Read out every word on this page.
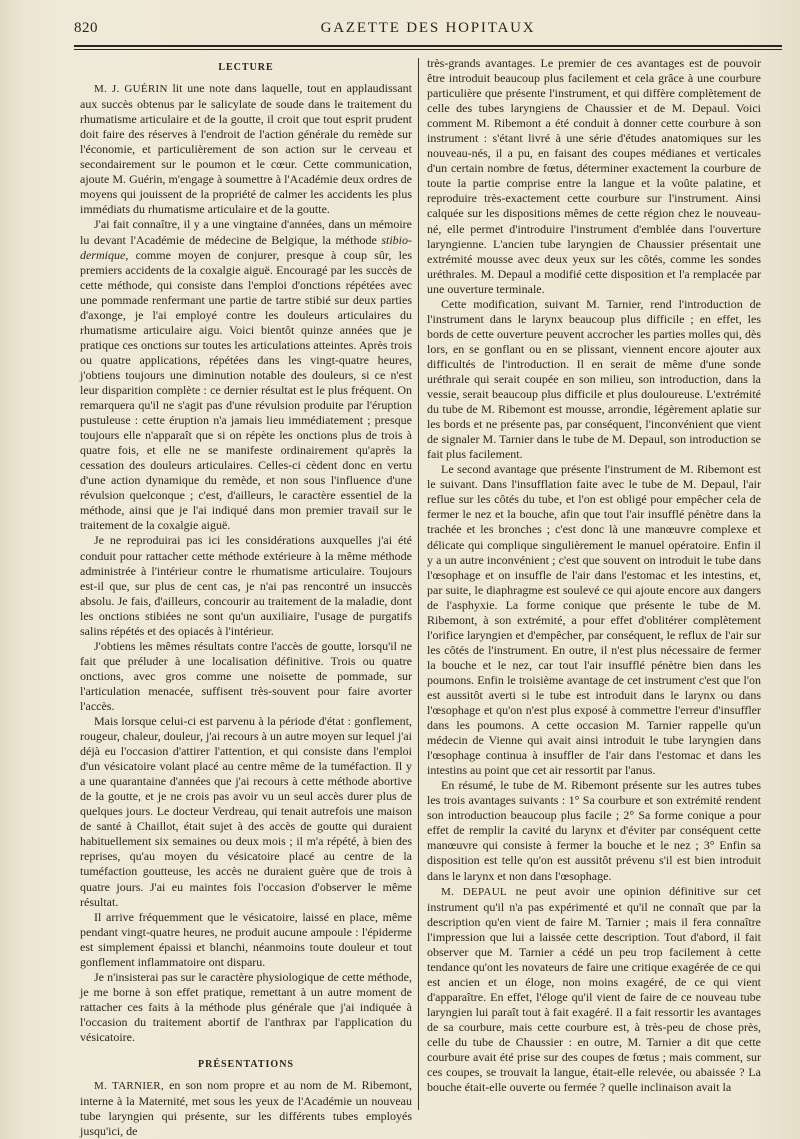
820	GAZETTE DES HOPITAUX
LECTURE

M. J. GUÉRIN lit une note dans laquelle, tout en applaudissant aux succès obtenus par le salicylate de soude dans le traitement du rhumatisme articulaire et de la goutte, il croit que tout esprit prudent doit faire des réserves à l'endroit de l'action générale du remède sur l'économie, et particulièrement de son action sur le cerveau et secondairement sur le poumon et le cœur. Cette communication, ajoute M. Guérin, m'engage à soumettre à l'Académie deux ordres de moyens qui jouissent de la propriété de calmer les accidents les plus immédiats du rhumatisme articulaire et de la goutte.

J'ai fait connaître, il y a une vingtaine d'années, dans un mémoire lu devant l'Académie de médecine de Belgique, la méthode stibio-dermique, comme moyen de conjurer, presque à coup sûr, les premiers accidents de la coxalgie aiguë. Encouragé par les succès de cette méthode, qui consiste dans l'emploi d'onctions répétées avec une pommade renfermant une partie de tartre stibié sur deux parties d'axonge, je l'ai employé contre les douleurs articulaires du rhumatisme articulaire aigu. Voici bientôt quinze années que je pratique ces onctions sur toutes les articulations atteintes. Après trois ou quatre applications, répétées dans les vingt-quatre heures, j'obtiens toujours une diminution notable des douleurs, si ce n'est leur disparition complète : ce dernier résultat est le plus fréquent. On remarquera qu'il ne s'agit pas d'une révulsion produite par l'éruption pustuleuse : cette éruption n'a jamais lieu immédiatement ; presque toujours elle n'apparaît que si on répète les onctions plus de trois à quatre fois, et elle ne se manifeste ordinairement qu'après la cessation des douleurs articulaires. Celles-ci cèdent donc en vertu d'une action dynamique du remède, et non sous l'influence d'une révulsion quelconque ; c'est, d'ailleurs, le caractère essentiel de la méthode, ainsi que je l'ai indiqué dans mon premier travail sur le traitement de la coxalgie aiguë.

Je ne reproduirai pas ici les considérations auxquelles j'ai été conduit pour rattacher cette méthode extérieure à la même méthode administrée à l'intérieur contre le rhumatisme articulaire. Toujours est-il que, sur plus de cent cas, je n'ai pas rencontré un insuccès absolu. Je fais, d'ailleurs, concourir au traitement de la maladie, dont les onctions stibiées ne sont qu'un auxiliaire, l'usage de purgatifs salins répétés et des opiacés à l'intérieur.

J'obtiens les mêmes résultats contre l'accès de goutte, lorsqu'il ne fait que préluder à une localisation définitive. Trois ou quatre onctions, avec gros comme une noisette de pommade, sur l'articulation menacée, suffisent très-souvent pour faire avorter l'accès.

Mais lorsque celui-ci est parvenu à la période d'état : gonflement, rougeur, chaleur, douleur, j'ai recours à un autre moyen sur lequel j'ai déjà eu l'occasion d'attirer l'attention, et qui consiste dans l'emploi d'un vésicatoire volant placé au centre même de la tuméfaction. Il y a une quarantaine d'années que j'ai recours à cette méthode abortive de la goutte, et je ne crois pas avoir vu un seul accès durer plus de quelques jours. Le docteur Verdreau, qui tenait autrefois une maison de santé à Chaillot, était sujet à des accès de goutte qui duraient habituellement six semaines ou deux mois ; il m'a répété, à bien des reprises, qu'au moyen du vésicatoire placé au centre de la tuméfaction goutteuse, les accès ne duraient guère que de trois à quatre jours. J'ai eu maintes fois l'occasion d'observer le même résultat.

Il arrive fréquemment que le vésicatoire, laissé en place, même pendant vingt-quatre heures, ne produit aucune ampoule : l'épiderme est simplement épaissi et blanchi, néanmoins toute douleur et tout gonflement inflammatoire ont disparu.

Je n'insisterai pas sur le caractère physiologique de cette méthode, je me borne à son effet pratique, remettant à un autre moment de rattacher ces faits à la méthode plus générale que j'ai indiquée à l'occasion du traitement abortif de l'anthrax par l'application du vésicatoire.

PRÉSENTATIONS

M. TARNIER, en son nom propre et au nom de M. Ribemont, interne à la Maternité, met sous les yeux de l'Académie un nouveau tube laryngien qui présente, sur les différents tubes employés jusqu'ici, de

très-grands avantages. Le premier de ces avantages est de pouvoir être introduit beaucoup plus facilement et cela grâce à une courbure particulière que présente l'instrument, et qui diffère complètement de celle des tubes laryngiens de Chaussier et de M. Depaul. Voici comment M. Ribemont a été conduit à donner cette courbure à son instrument : s'étant livré à une série d'études anatomiques sur les nouveau-nés, il a pu, en faisant des coupes médianes et verticales d'un certain nombre de fœtus, déterminer exactement la courbure de toute la partie comprise entre la langue et la voûte palatine, et reproduire très-exactement cette courbure sur l'instrument. Ainsi calquée sur les dispositions mêmes de cette région chez le nouveau-né, elle permet d'introduire l'instrument d'emblée dans l'ouverture laryngienne. L'ancien tube laryngien de Chaussier présentait une extrémité mousse avec deux yeux sur les côtés, comme les sondes uréthrales. M. Depaul a modifié cette disposition et l'a remplacée par une ouverture terminale.

Cette modification, suivant M. Tarnier, rend l'introduction de l'instrument dans le larynx beaucoup plus difficile ; en effet, les bords de cette ouverture peuvent accrocher les parties molles qui, dès lors, en se gonflant ou en se plissant, viennent encore ajouter aux difficultés de l'introduction. Il en serait de même d'une sonde uréthrale qui serait coupée en son milieu, son introduction, dans la vessie, serait beaucoup plus difficile et plus douloureuse. L'extrémité du tube de M. Ribemont est mousse, arrondie, légèrement aplatie sur les bords et ne présente pas, par conséquent, l'inconvénient que vient de signaler M. Tarnier dans le tube de M. Depaul, son introduction se fait plus facilement.

Le second avantage que présente l'instrument de M. Ribemont est le suivant. Dans l'insufflation faite avec le tube de M. Depaul, l'air reflue sur les côtés du tube, et l'on est obligé pour empêcher cela de fermer le nez et la bouche, afin que tout l'air insufflé pénètre dans la trachée et les bronches ; c'est donc là une manœuvre complexe et délicate qui complique singulièrement le manuel opératoire. Enfin il y a un autre inconvénient ; c'est que souvent on introduit le tube dans l'œsophage et on insuffle de l'air dans l'estomac et les intestins, et, par suite, le diaphragme est soulevé ce qui ajoute encore aux dangers de l'asphyxie. La forme conique que présente le tube de M. Ribemont, à son extrémité, a pour effet d'oblitérer complètement l'orifice laryngien et d'empêcher, par conséquent, le reflux de l'air sur les côtés de l'instrument. En outre, il n'est plus nécessaire de fermer la bouche et le nez, car tout l'air insufflé pénètre bien dans les poumons. Enfin le troisième avantage de cet instrument c'est que l'on est aussitôt averti si le tube est introduit dans le larynx ou dans l'œsophage et qu'on n'est plus exposé à commettre l'erreur d'insuffler dans les poumons. A cette occasion M. Tarnier rappelle qu'un médecin de Vienne qui avait ainsi introduit le tube laryngien dans l'œsophage continua à insuffler de l'air dans l'estomac et dans les intestins au point que cet air ressortit par l'anus.

En résumé, le tube de M. Ribemont présente sur les autres tubes les trois avantages suivants : 1° Sa courbure et son extrémité rendent son introduction beaucoup plus facile ; 2° Sa forme conique a pour effet de remplir la cavité du larynx et d'éviter par conséquent cette manœuvre qui consiste à fermer la bouche et le nez ; 3° Enfin sa disposition est telle qu'on est aussitôt prévenu s'il est bien introduit dans le larynx et non dans l'œsophage.

M. DEPAUL ne peut avoir une opinion définitive sur cet instrument qu'il n'a pas expérimenté et qu'il ne connaît que par la description qu'en vient de faire M. Tarnier ; mais il fera connaître l'impression que lui a laissée cette description. Tout d'abord, il fait observer que M. Tarnier a cédé un peu trop facilement à cette tendance qu'ont les novateurs de faire une critique exagérée de ce qui est ancien et un éloge, non moins exagéré, de ce qui vient d'apparaître. En effet, l'éloge qu'il vient de faire de ce nouveau tube laryngien lui paraît tout à fait exagéré. Il a fait ressortir les avantages de sa courbure, mais cette courbure est, à très-peu de chose près, celle du tube de Chaussier : en outre, M. Tarnier a dit que cette courbure avait été prise sur des coupes de fœtus ; mais comment, sur ces coupes, se trouvait la langue, était-elle relevée, ou abaissée ? La bouche était-elle ouverte ou fermée ? quelle inclinaison avait la
